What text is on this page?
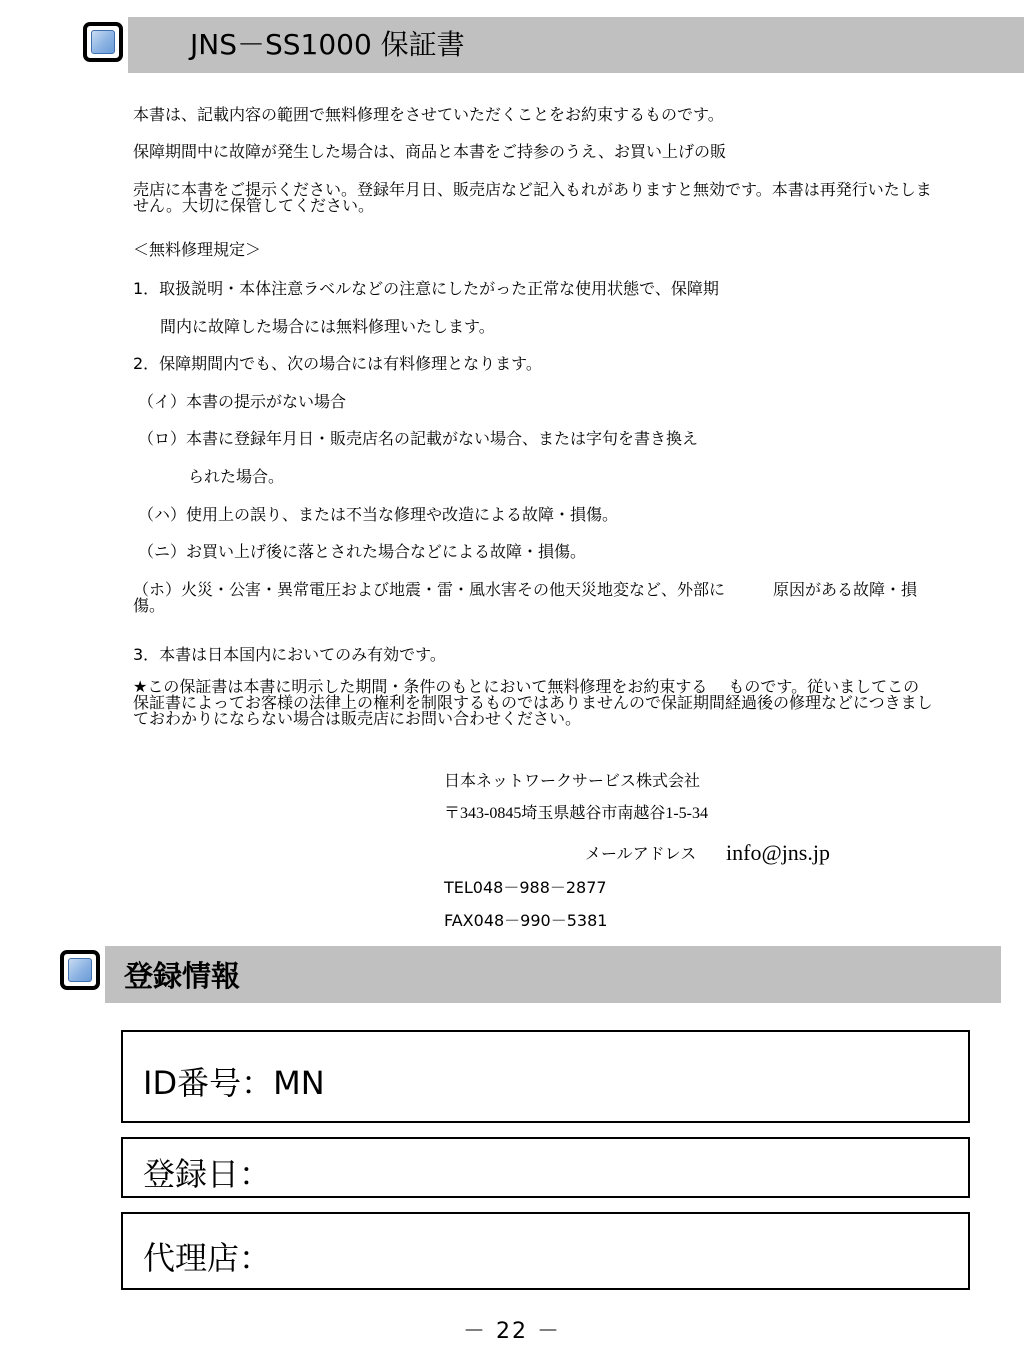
JNS－SS1000 保証書
本書は、記載内容の範囲で無料修理をさせていただくことをお約束するものです。
保障期間中に故障が発生した場合は、商品と本書をご持参のうえ、お買い上げの販
売店に本書をご提示ください。登録年月日、販売店など記入もれがありますと無効です。本書は再発行いたしません。大切に保管してください。
＜無料修理規定＞
1．取扱説明・本体注意ラベルなどの注意にしたがった正常な使用状態で、保障期
間内に故障した場合には無料修理いたします。
2．保障期間内でも、次の場合には有料修理となります。
（イ）本書の提示がない場合
（ロ）本書に登録年月日・販売店名の記載がない場合、または字句を書き換え
られた場合。
（ハ）使用上の誤り、または不当な修理や改造による故障・損傷。
（ニ）お買い上げ後に落とされた場合などによる故障・損傷。
（ホ）火災・公害・異常電圧および地震・雷・風水害その他天災地変など、外部に　　　原因がある故障・損傷。
3．本書は日本国内においてのみ有効です。
★この保証書は本書に明示した期間・条件のもとにおいて無料修理をお約束する　 ものです。従いましてこの保証書によってお客様の法律上の権利を制限するものではありませんので保証期間経過後の修理などにつきましておわかりにならない場合は販売店にお問い合わせください。
日本ネットワークサービス株式会社
〒343-0845埼玉県越谷市南越谷1-5-34
メールアドレス info@jns.jp
TEL048－988－2877
FAX048－990－5381
登録情報
ID番号：MN
登録日：
代理店：
－ 22 －
